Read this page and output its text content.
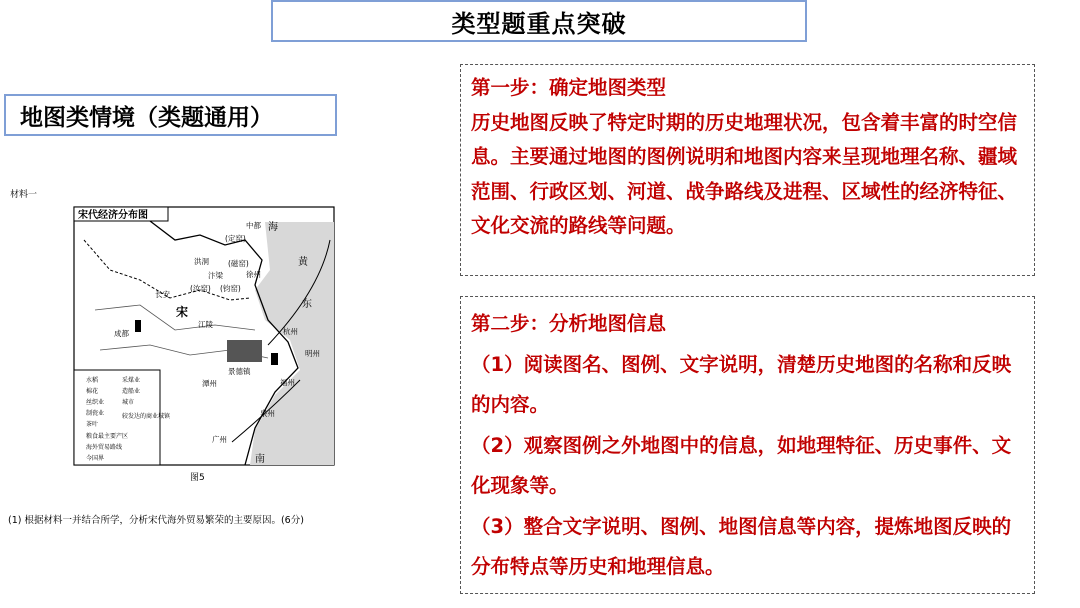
类型题重点突破
地图类情境（类题通用）
材料一
宋代经济分布图
中都
(定窑)
洪洞	(磁窑)
汴梁
(汝窑) (钧窑)
徐州
长安
宋
成都
江陵
景德镇
潭州
泉州
杭州
明州
福州
广州
海
黄
东
南
水稻
棉花
丝织业
制瓷业
茶叶
采煤业
造船业
城市
较发达的商业城镇
粮食最主要产区
海外贸易路线
今国界
图5
(1) 根据材料一并结合所学，分析宋代海外贸易繁荣的主要原因。(6分)

第一步：确定地图类型

历史地图反映了特定时期的历史地理状况，包含着丰富的时空信息。主要通过地图的图例说明和地图内容来呈现地理名称、疆域范围、行政区划、河道、战争路线及进程、区域性的经济特征、文化交流的路线等问题。

第二步：分析地图信息

（1）阅读图名、图例、文字说明，清楚历史地图的名称和反映的内容。

（2）观察图例之外地图中的信息，如地理特征、历史事件、文化现象等。

（3）整合文字说明、图例、地图信息等内容，提炼地图反映的分布特点等历史和地理信息。
